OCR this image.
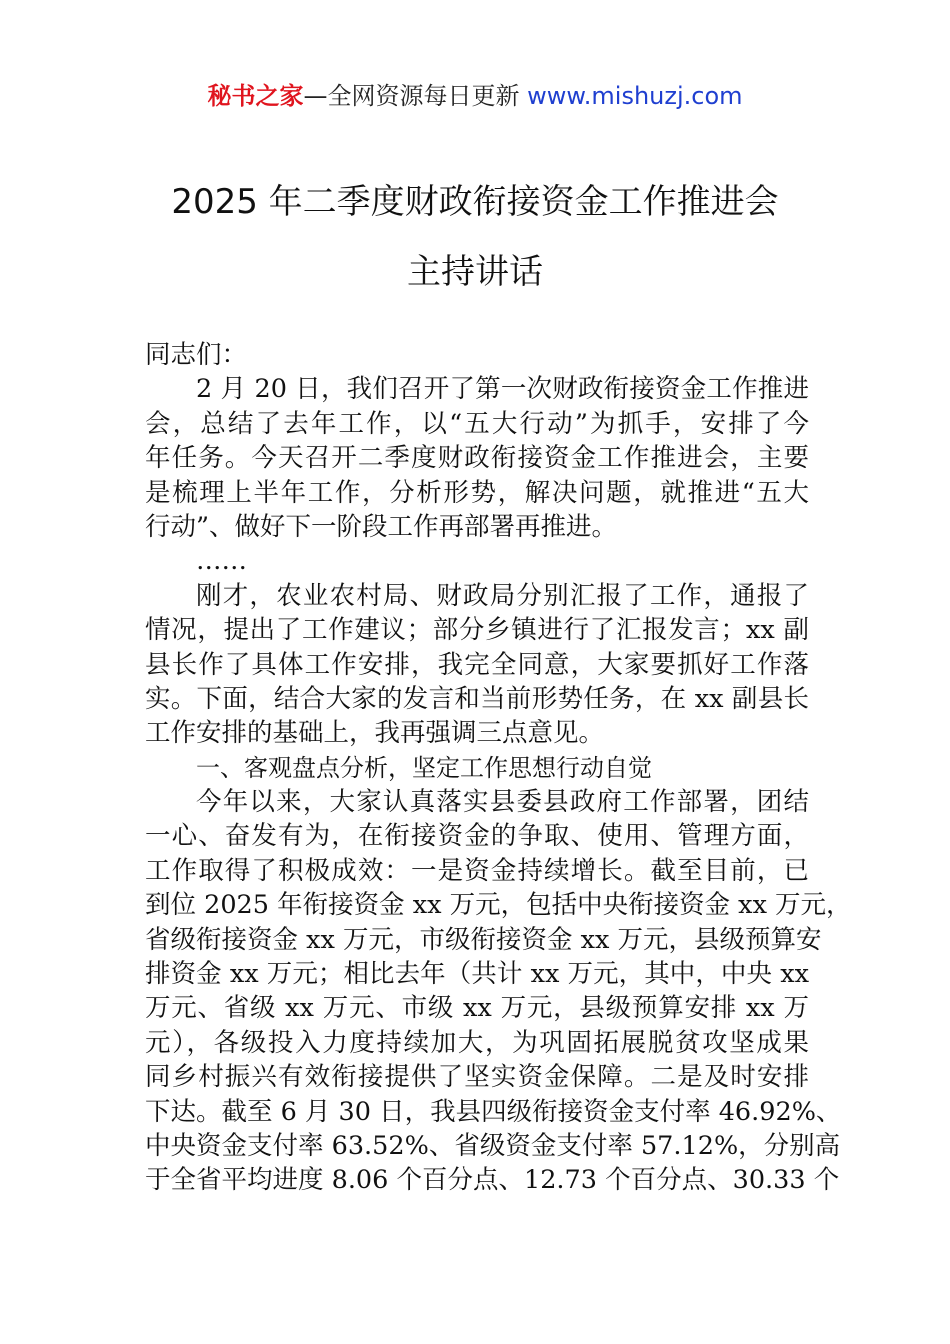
秘书之家—全网资源每日更新 www.mishuzj.com
2025 年二季度财政衔接资金工作推进会
主持讲话
同志们：
2 月 20 日，我们召开了第一次财政衔接资金工作推进
会，总结了去年工作，以“五大行动”为抓手，安排了今
年任务。今天召开二季度财政衔接资金工作推进会，主要
是梳理上半年工作，分析形势，解决问题，就推进“五大
行动”、做好下一阶段工作再部署再推进。
……
刚才，农业农村局、财政局分别汇报了工作，通报了
情况，提出了工作建议；部分乡镇进行了汇报发言；xx 副
县长作了具体工作安排，我完全同意，大家要抓好工作落
实。下面，结合大家的发言和当前形势任务，在 xx 副县长
工作安排的基础上，我再强调三点意见。
一、客观盘点分析，坚定工作思想行动自觉
今年以来，大家认真落实县委县政府工作部署，团结
一心、奋发有为，在衔接资金的争取、使用、管理方面，
工作取得了积极成效：一是资金持续增长。截至目前，已
到位 2025 年衔接资金 xx 万元，包括中央衔接资金 xx 万元，
省级衔接资金 xx 万元，市级衔接资金 xx 万元，县级预算安
排资金 xx 万元；相比去年（共计 xx 万元，其中，中央 xx
万元、省级 xx 万元、市级 xx 万元，县级预算安排 xx 万
元），各级投入力度持续加大，为巩固拓展脱贫攻坚成果
同乡村振兴有效衔接提供了坚实资金保障。二是及时安排
下达。截至 6 月 30 日，我县四级衔接资金支付率 46.92%、
中央资金支付率 63.52%、省级资金支付率 57.12%，分别高
于全省平均进度 8.06 个百分点、12.73 个百分点、30.33 个
